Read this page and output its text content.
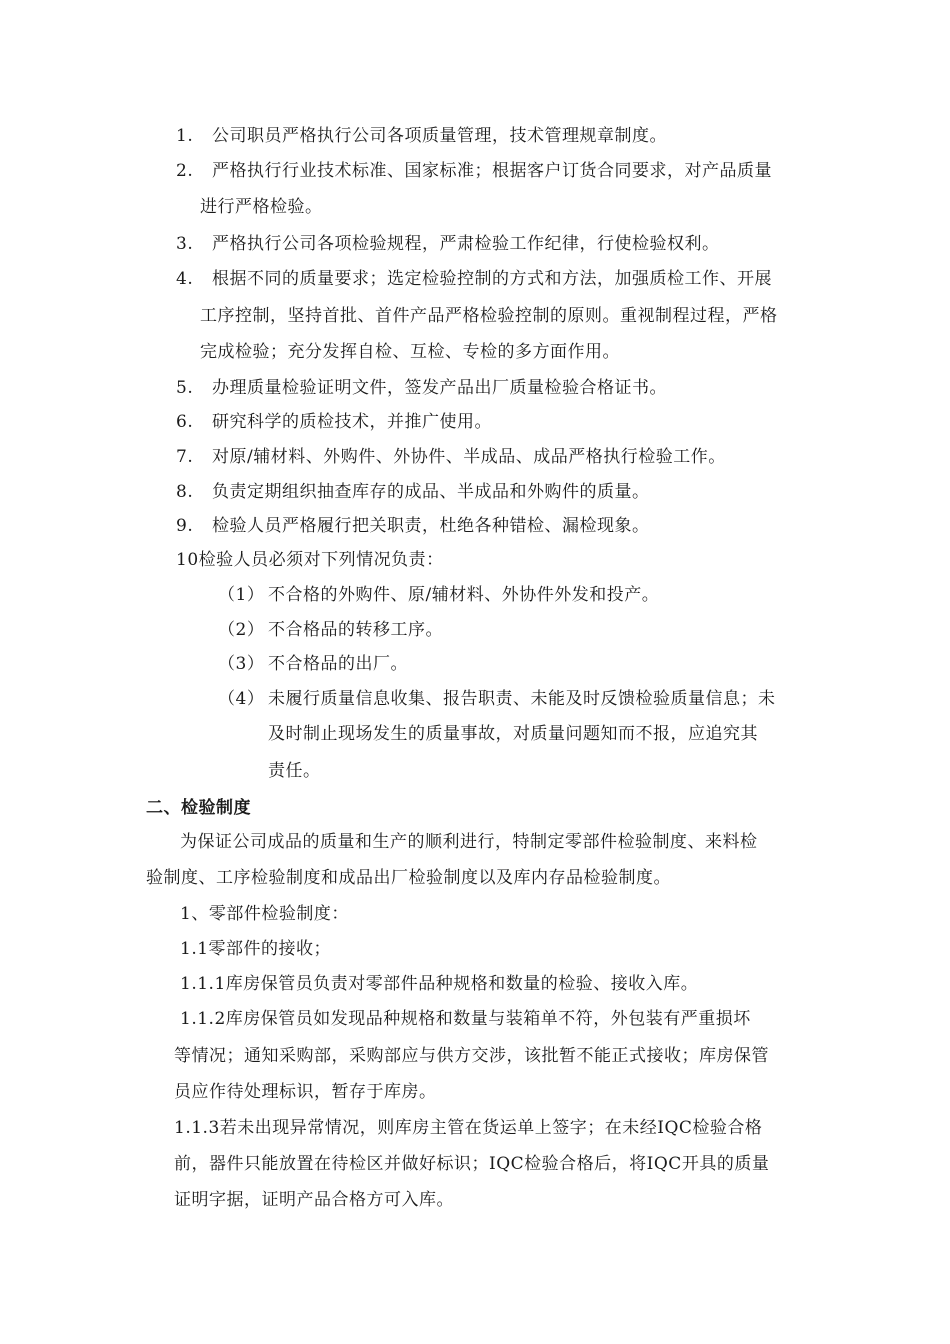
1. 公司职员严格执行公司各项质量管理，技术管理规章制度。
2. 严格执行行业技术标准、国家标准；根据客户订货合同要求，对产品质量
进行严格检验。
3. 严格执行公司各项检验规程，严肃检验工作纪律，行使检验权利。
4. 根据不同的质量要求；选定检验控制的方式和方法，加强质检工作、开展
工序控制，坚持首批、首件产品严格检验控制的原则。重视制程过程，严格
完成检验；充分发挥自检、互检、专检的多方面作用。
5. 办理质量检验证明文件，签发产品出厂质量检验合格证书。
6. 研究科学的质检技术，并推广使用。
7. 对原/辅材料、外购件、外协件、半成品、成品严格执行检验工作。
8. 负责定期组织抽查库存的成品、半成品和外购件的质量。
9. 检验人员严格履行把关职责，杜绝各种错检、漏检现象。
10检验人员必须对下列情况负责：
（1） 不合格的外购件、原/辅材料、外协件外发和投产。
（2） 不合格品的转移工序。
（3） 不合格品的出厂。
（4） 未履行质量信息收集、报告职责、未能及时反馈检验质量信息；未
及时制止现场发生的质量事故，对质量问题知而不报，应追究其
责任。
二、检验制度
为保证公司成品的质量和生产的顺利进行，特制定零部件检验制度、来料检
验制度、工序检验制度和成品出厂检验制度以及库内存品检验制度。
1、零部件检验制度：
1.1零部件的接收；
1.1.1库房保管员负责对零部件品种规格和数量的检验、接收入库。
1.1.2库房保管员如发现品种规格和数量与装箱单不符，外包装有严重损坏
等情况；通知采购部，采购部应与供方交涉，该批暂不能正式接收；库房保管
员应作待处理标识，暂存于库房。
1.1.3若未出现异常情况，则库房主管在货运单上签字；在未经IQC检验合格
前，器件只能放置在待检区并做好标识；IQC检验合格后，将IQC开具的质量
证明字据，证明产品合格方可入库。
